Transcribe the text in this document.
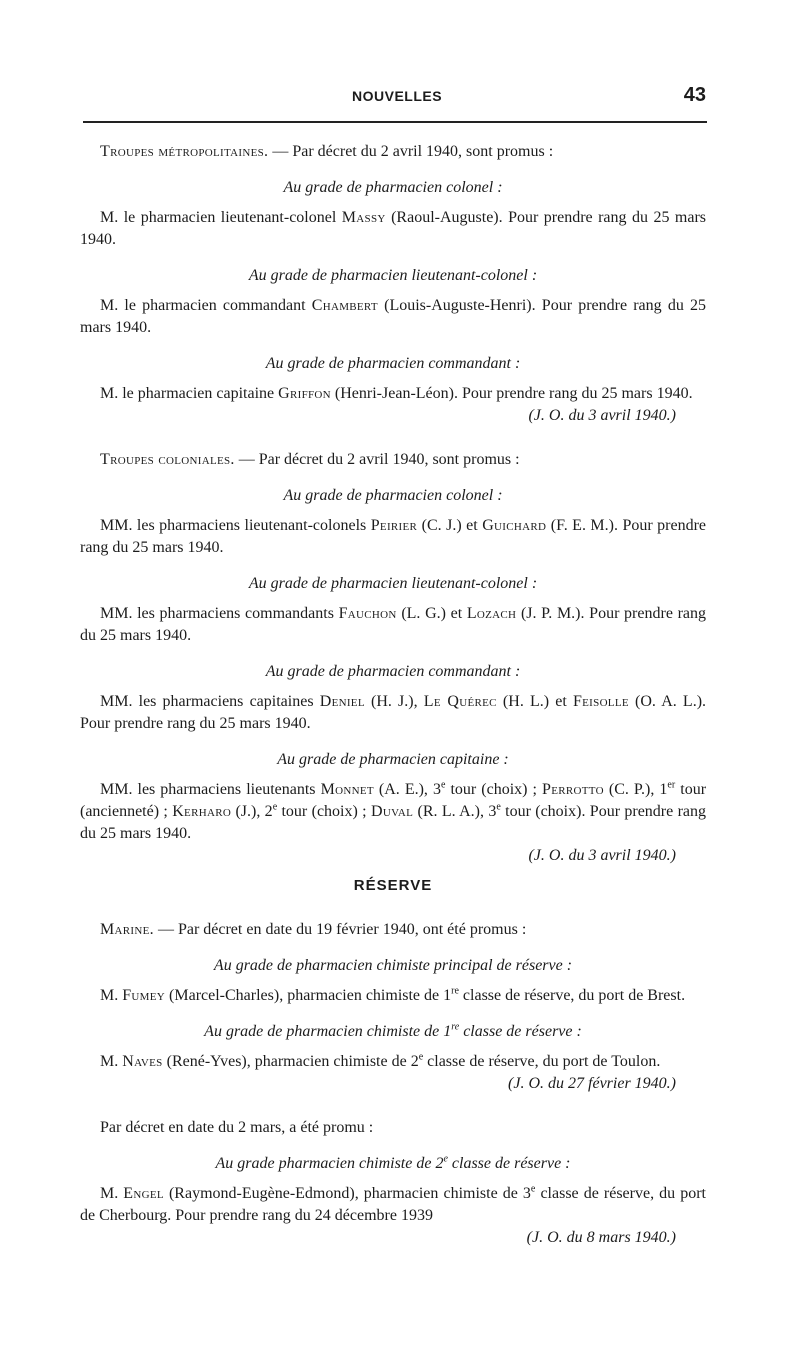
NOUVELLES	43

Troupes métropolitaines. — Par décret du 2 avril 1940, sont promus :

Au grade de pharmacien colonel :

M. le pharmacien lieutenant-colonel Massy (Raoul-Auguste). Pour prendre rang du 25 mars 1940.

Au grade de pharmacien lieutenant-colonel :

M. le pharmacien commandant Chambert (Louis-Auguste-Henri). Pour prendre rang du 25 mars 1940.

Au grade de pharmacien commandant :

M. le pharmacien capitaine Griffon (Henri-Jean-Léon). Pour prendre rang du 25 mars 1940.

(J. O. du 3 avril 1940.)

Troupes coloniales. — Par décret du 2 avril 1940, sont promus :

Au grade de pharmacien colonel :

MM. les pharmaciens lieutenant-colonels Peirier (C. J.) et Guichard (F. E. M.). Pour prendre rang du 25 mars 1940.

Au grade de pharmacien lieutenant-colonel :

MM. les pharmaciens commandants Fauchon (L. G.) et Lozach (J. P. M.). Pour prendre rang du 25 mars 1940.

Au grade de pharmacien commandant :

MM. les pharmaciens capitaines Deniel (H. J.), Le Quérec (H. L.) et Feisolle (O. A. L.). Pour prendre rang du 25 mars 1940.

Au grade de pharmacien capitaine :

MM. les pharmaciens lieutenants Monnet (A. E.), 3e tour (choix) ; Perrotto (C. P.), 1er tour (ancienneté) ; Kerharo (J.), 2e tour (choix) ; Duval (R. L. A.), 3e tour (choix). Pour prendre rang du 25 mars 1940.

(J. O. du 3 avril 1940.)

RÉSERVE

Marine. — Par décret en date du 19 février 1940, ont été promus :

Au grade de pharmacien chimiste principal de réserve :

M. Fumey (Marcel-Charles), pharmacien chimiste de 1re classe de réserve, du port de Brest.

Au grade de pharmacien chimiste de 1re classe de réserve :

M. Naves (René-Yves), pharmacien chimiste de 2e classe de réserve, du port de Toulon.

(J. O. du 27 février 1940.)

Par décret en date du 2 mars, a été promu :

Au grade pharmacien chimiste de 2e classe de réserve :

M. Engel (Raymond-Eugène-Edmond), pharmacien chimiste de 3e classe de réserve, du port de Cherbourg. Pour prendre rang du 24 décembre 1939

(J. O. du 8 mars 1940.)
